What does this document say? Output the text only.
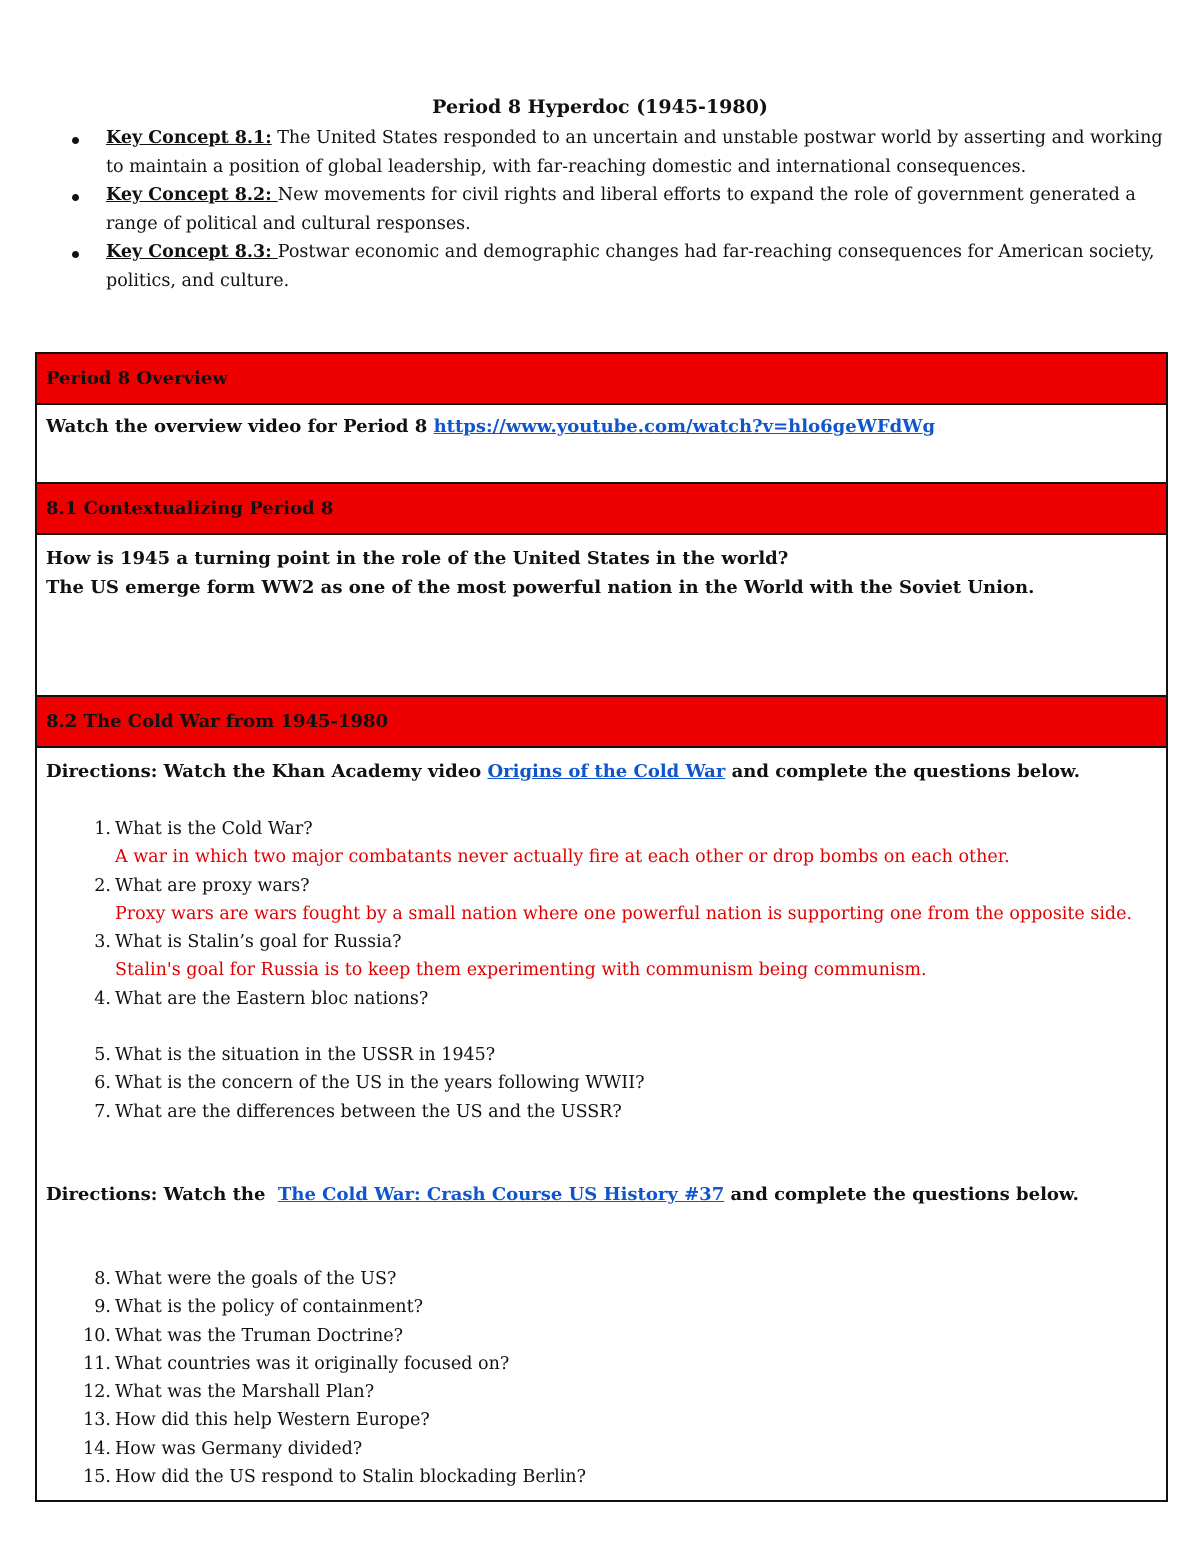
Period 8 Hyperdoc (1945-1980)
Key Concept 8.1: The United States responded to an uncertain and unstable postwar world by asserting and working to maintain a position of global leadership, with far-reaching domestic and international consequences.
Key Concept 8.2: New movements for civil rights and liberal efforts to expand the role of government generated a range of political and cultural responses.
Key Concept 8.3: Postwar economic and demographic changes had far-reaching consequences for American society, politics, and culture.
Period 8 Overview
Watch the overview video for Period 8 https://www.youtube.com/watch?v=hlo6geWFdWg
8.1 Contextualizing Period 8
How is 1945 a turning point in the role of the United States in the world?
The US emerge form WW2 as one of the most powerful nation in the World with the Soviet Union.
8.2 The Cold War from 1945-1980
Directions: Watch the Khan Academy video Origins of the Cold War and complete the questions below.
1. What is the Cold War?
A war in which two major combatants never actually fire at each other or drop bombs on each other.
2. What are proxy wars?
Proxy wars are wars fought by a small nation where one powerful nation is supporting one from the opposite side.
3. What is Stalin’s goal for Russia?
Stalin's goal for Russia is to keep them experimenting with communism being communism.
4. What are the Eastern bloc nations?
5. What is the situation in the USSR in 1945?
6. What is the concern of the US in the years following WWII?
7. What are the differences between the US and the USSR?
Directions: Watch the  The Cold War: Crash Course US History #37 and complete the questions below.
8. What were the goals of the US?
9. What is the policy of containment?
10. What was the Truman Doctrine?
11. What countries was it originally focused on?
12. What was the Marshall Plan?
13. How did this help Western Europe?
14. How was Germany divided?
15. How did the US respond to Stalin blockading Berlin?
